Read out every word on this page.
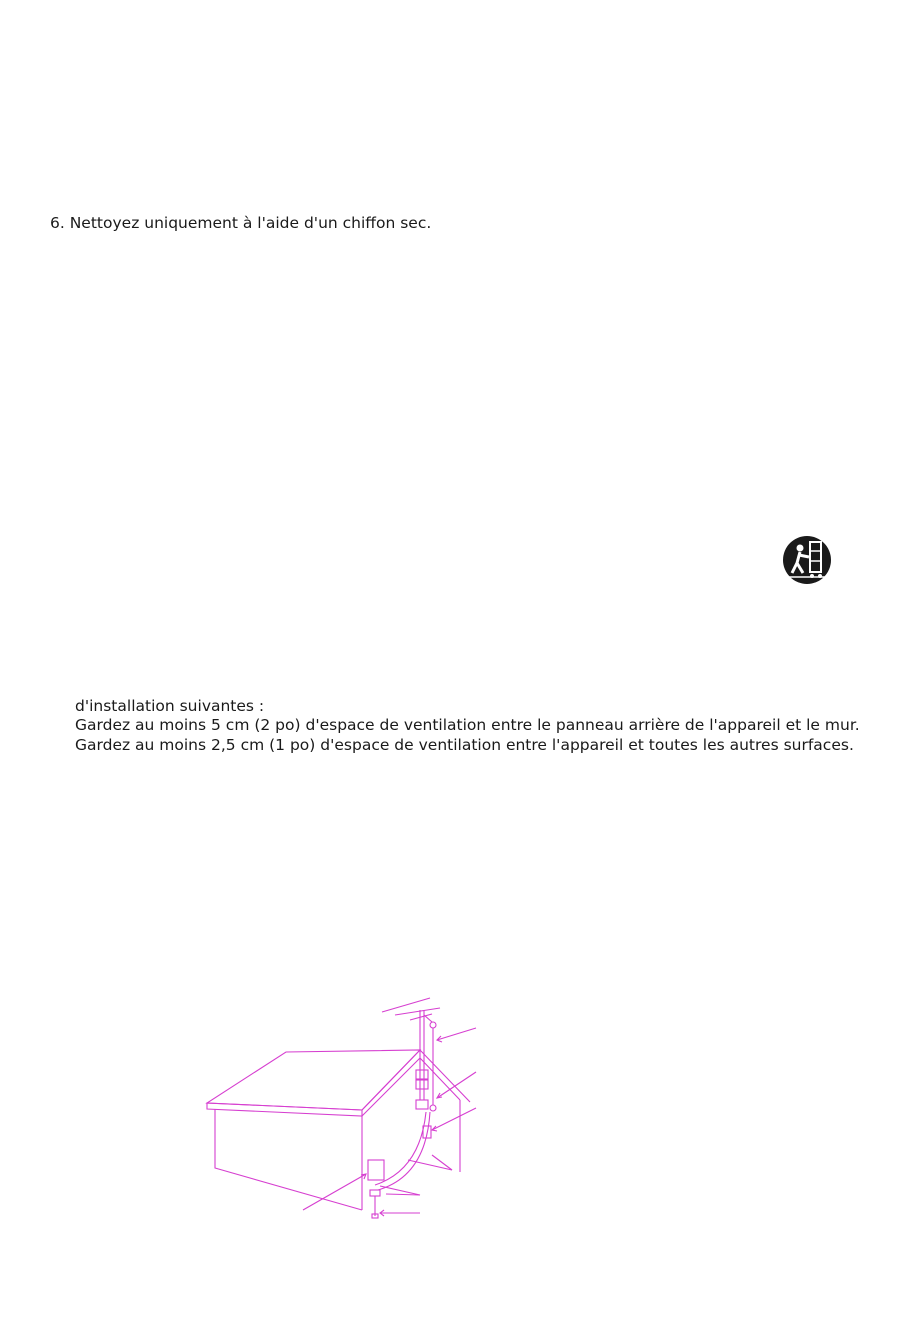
6. Nettoyez uniquement à l'aide d'un chiffon sec.
d'installation suivantes :
Gardez au moins 5 cm (2 po) d'espace de ventilation entre le panneau arrière de l'appareil et le mur.
Gardez au moins 2,5 cm (1 po) d'espace de ventilation entre l'appareil et toutes les autres surfaces.
